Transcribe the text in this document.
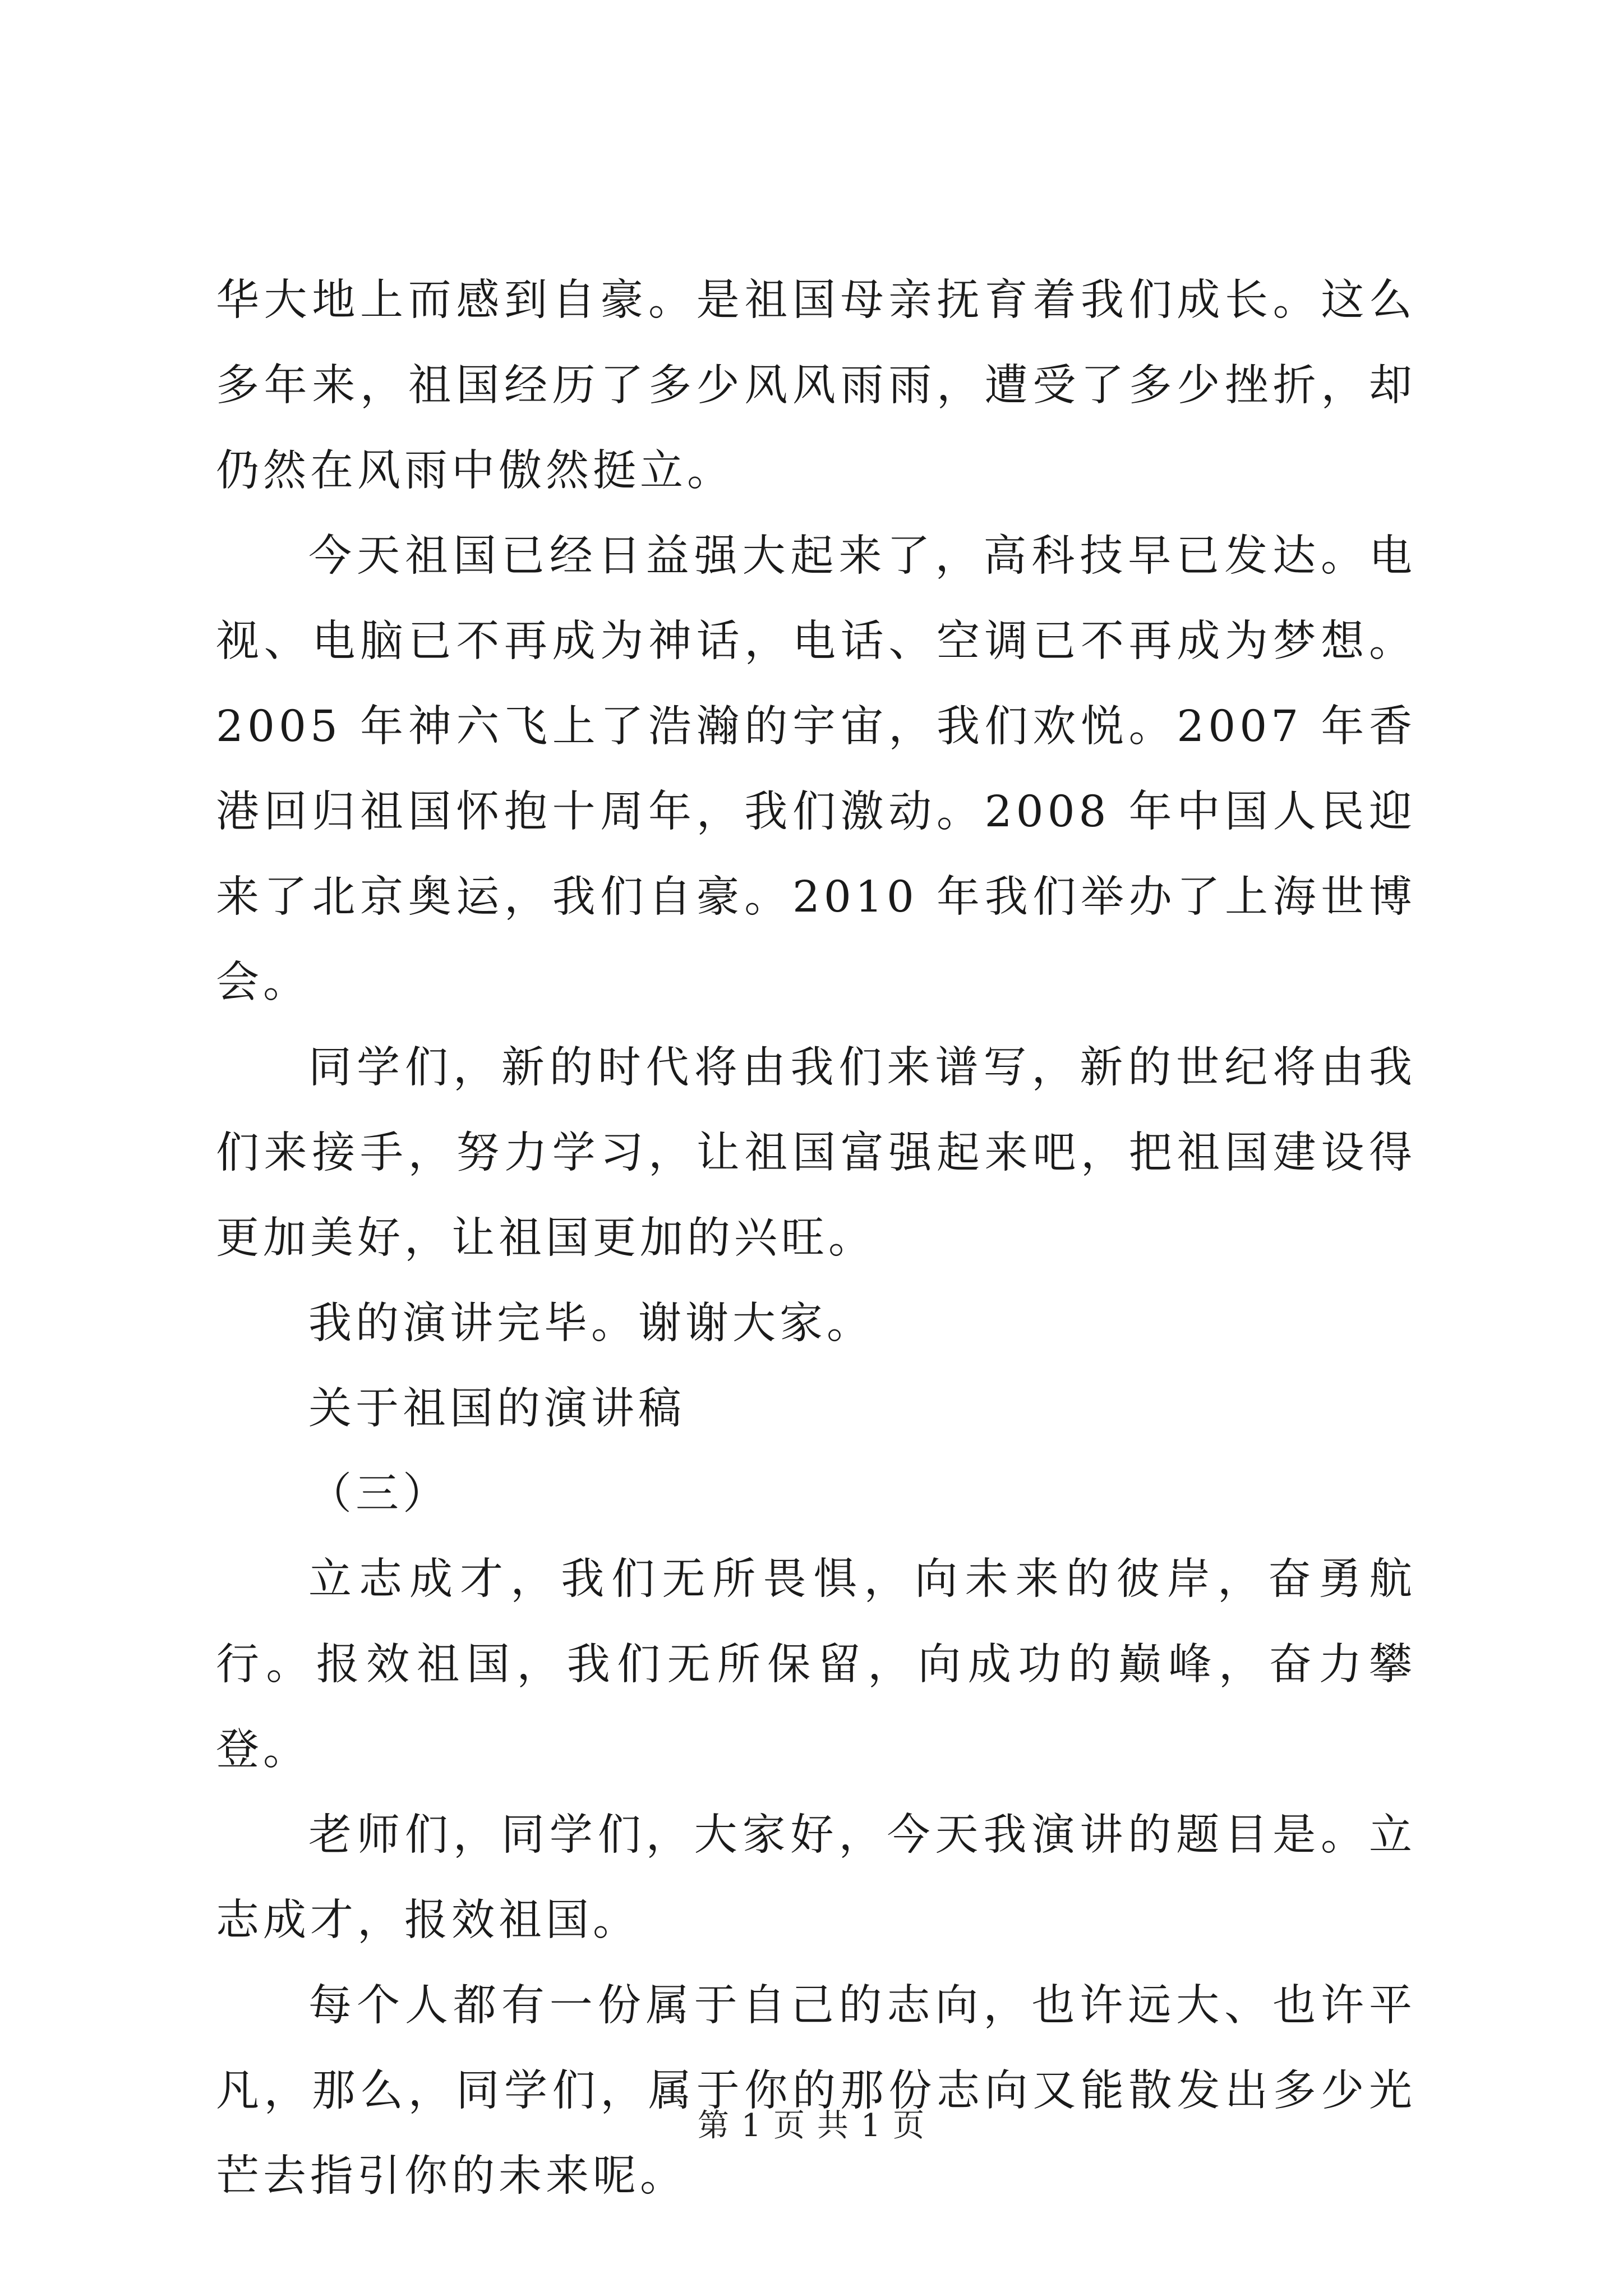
华大地上而感到自豪。是祖国母亲抚育着我们成长。这么多年来，祖国经历了多少风风雨雨，遭受了多少挫折，却仍然在风雨中傲然挺立。

今天祖国已经日益强大起来了，高科技早已发达。电视、电脑已不再成为神话，电话、空调已不再成为梦想。2005 年神六飞上了浩瀚的宇宙，我们欢悦。2007 年香港回归祖国怀抱十周年，我们激动。2008 年中国人民迎来了北京奥运，我们自豪。2010 年我们举办了上海世博会。

同学们，新的时代将由我们来谱写，新的世纪将由我们来接手，努力学习，让祖国富强起来吧，把祖国建设得更加美好，让祖国更加的兴旺。

我的演讲完毕。谢谢大家。

关于祖国的演讲稿

（三）

立志成才，我们无所畏惧，向未来的彼岸，奋勇航行。报效祖国，我们无所保留，向成功的巅峰，奋力攀登。

老师们，同学们，大家好，今天我演讲的题目是。立志成才，报效祖国。

每个人都有一份属于自己的志向，也许远大、也许平凡，那么，同学们，属于你的那份志向又能散发出多少光芒去指引你的未来呢。

第 1 页 共 1 页
